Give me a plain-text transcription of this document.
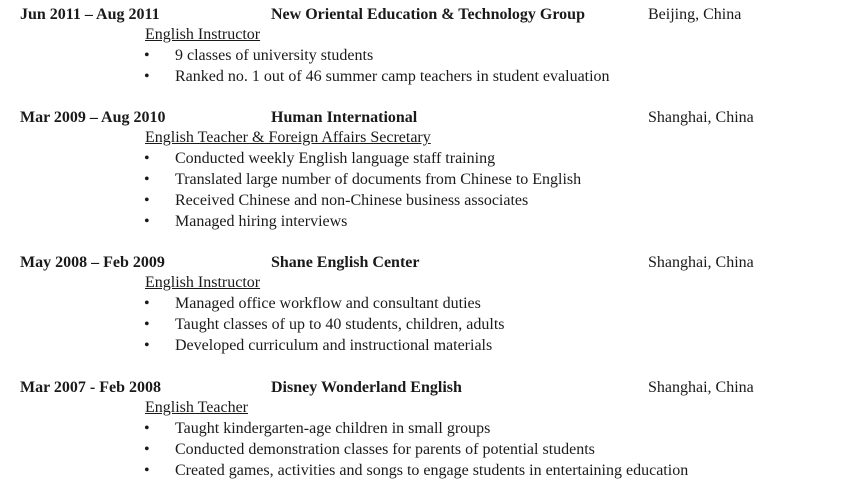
Jun 2011 – Aug 2011	New Oriental Education & Technology Group	Beijing, China
English Instructor
• 9 classes of university students
• Ranked no. 1 out of 46 summer camp teachers in student evaluation
Mar 2009 – Aug 2010	Human International	Shanghai, China
English Teacher & Foreign Affairs Secretary
• Conducted weekly English language staff training
• Translated large number of documents from Chinese to English
• Received Chinese and non-Chinese business associates
• Managed hiring interviews
May 2008 – Feb 2009	Shane English Center	Shanghai, China
English Instructor
• Managed office workflow and consultant duties
• Taught classes of up to 40 students, children, adults
• Developed curriculum and instructional materials
Mar 2007 - Feb 2008	Disney Wonderland English	Shanghai, China
English Teacher
• Taught kindergarten-age children in small groups
• Conducted demonstration classes for parents of potential students
• Created games, activities and songs to engage students in entertaining education
